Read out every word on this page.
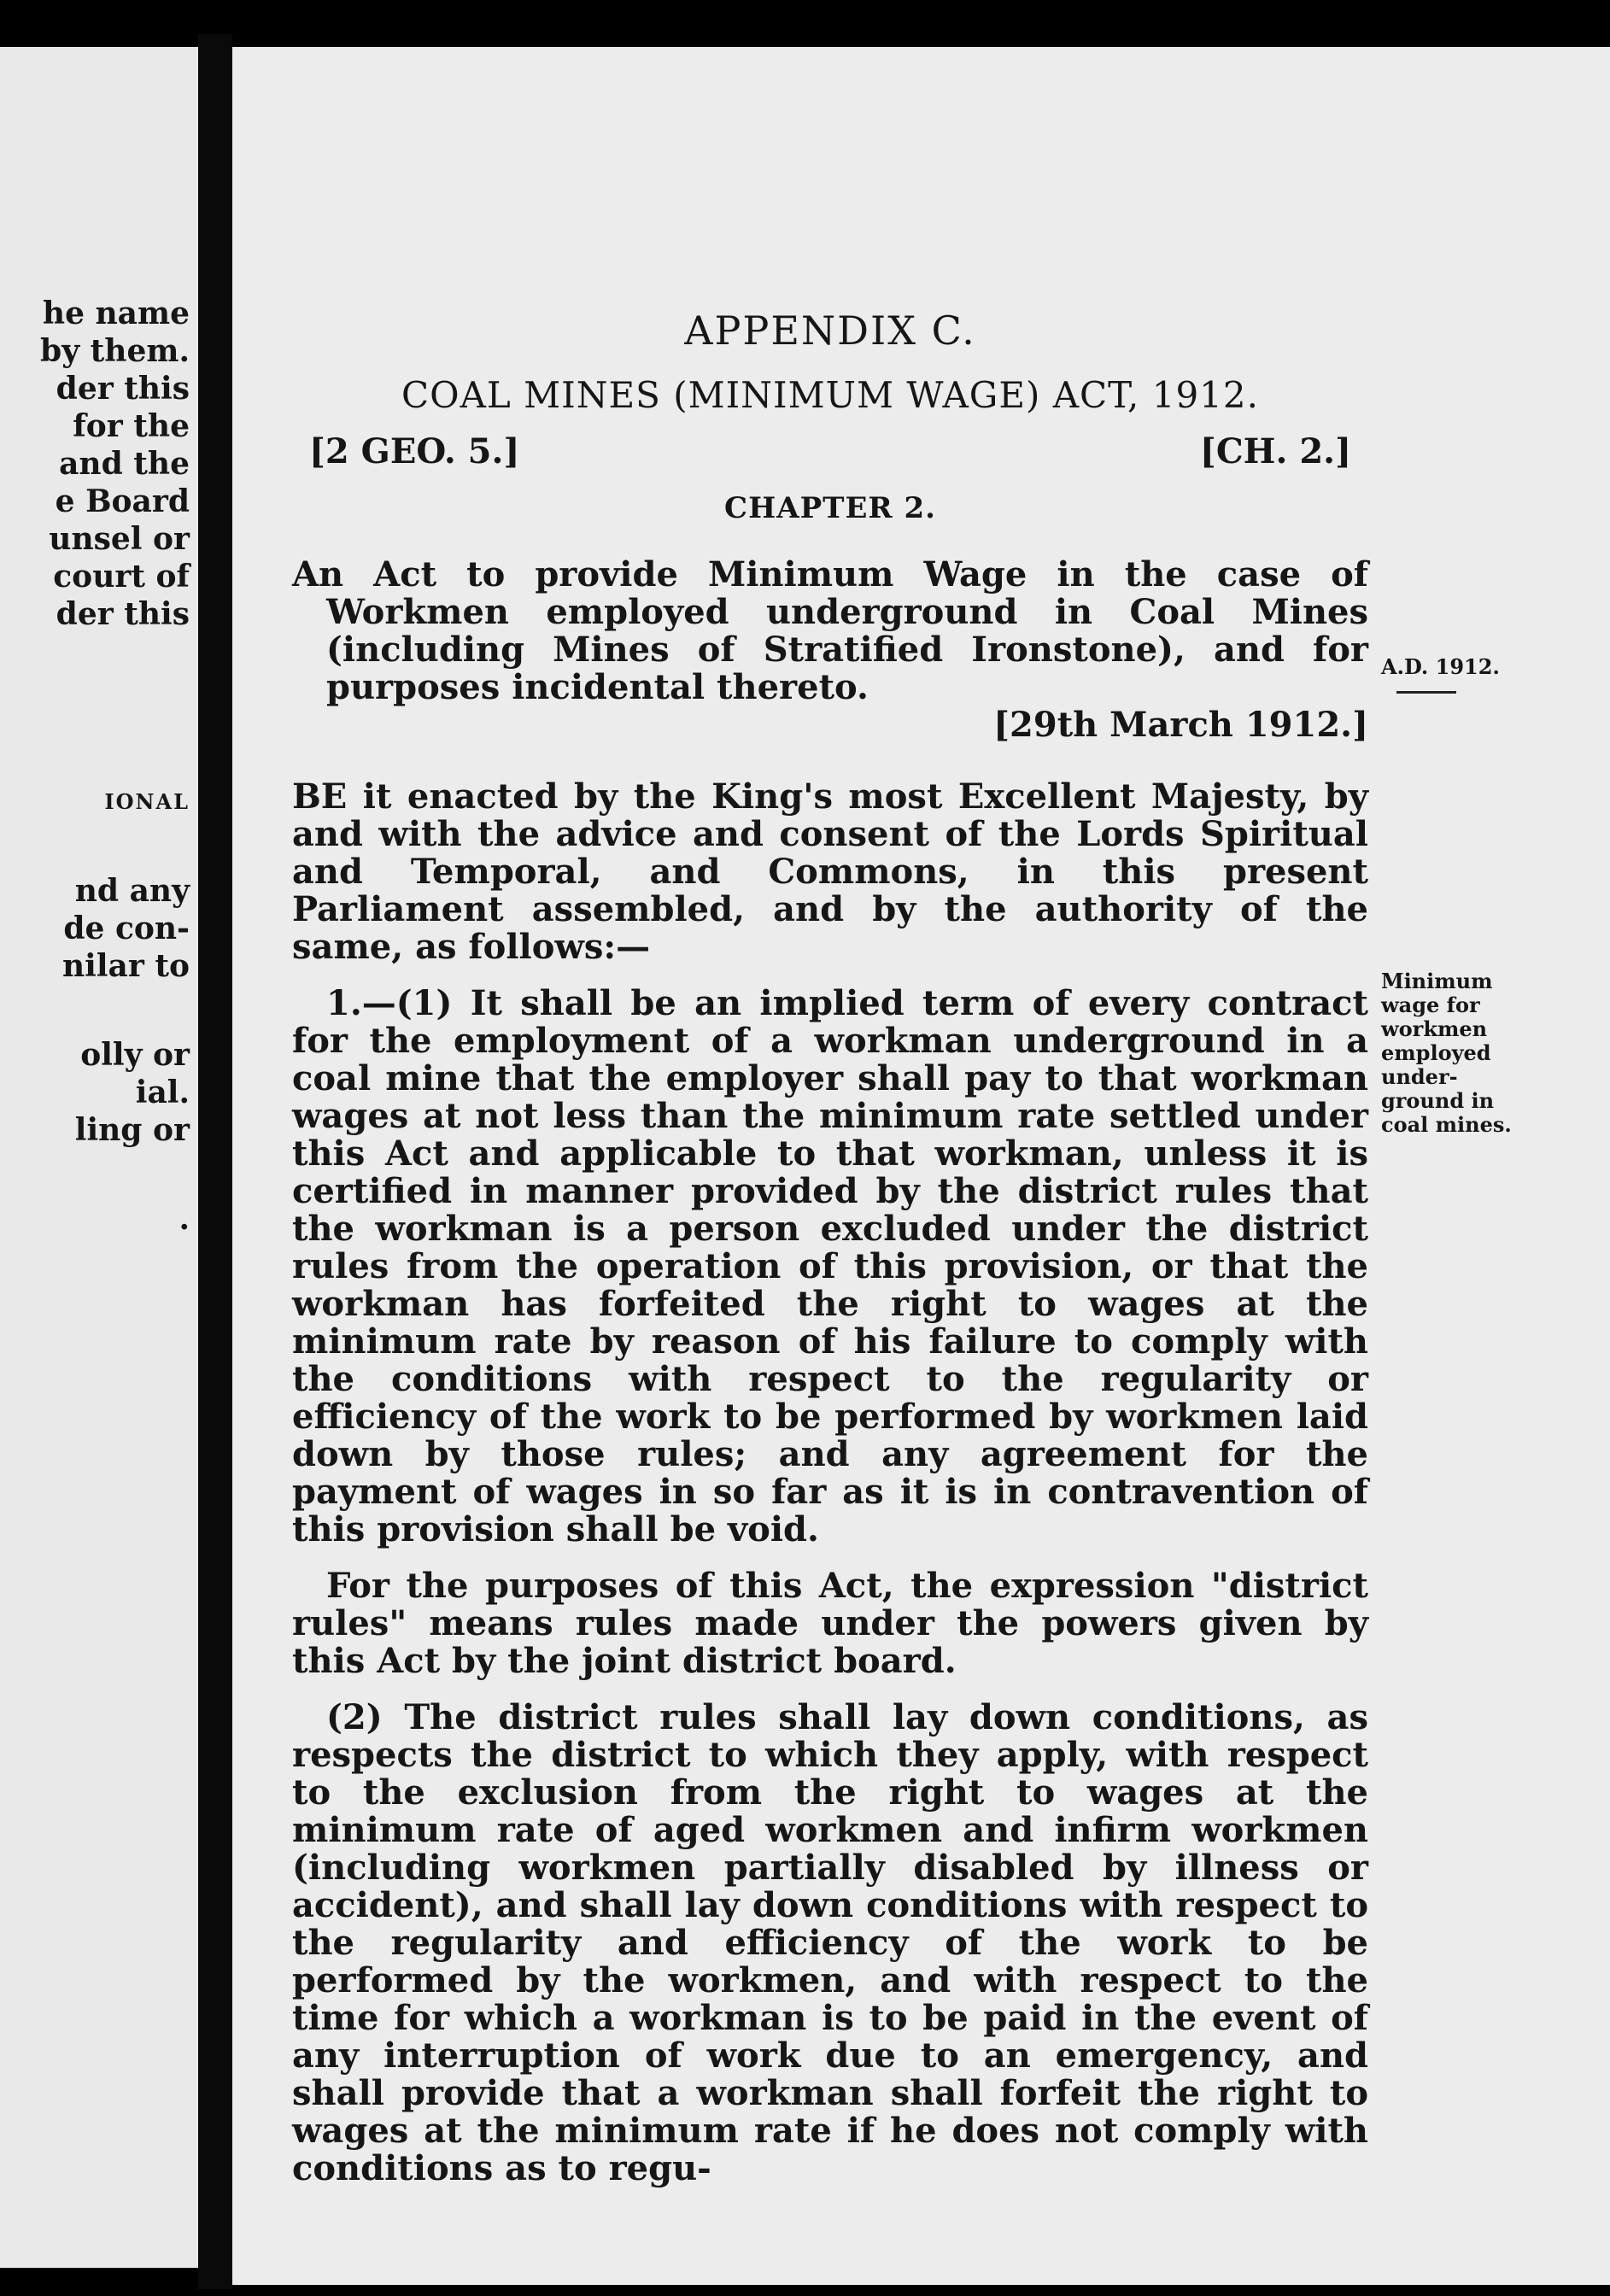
he name
by them.
der this
for the
and the
e Board
unsel or
court of
der this
IONAL
nd any
de con-
nilar to
olly or
ial.
ling or
.
APPENDIX C.
COAL MINES (MINIMUM WAGE) ACT, 1912.
[2 GEO. 5.]	[CH. 2.]
CHAPTER 2.

An Act to provide Minimum Wage in the case of Workmen employed underground in Coal Mines (including Mines of Stratified Ironstone), and for purposes incidental thereto.
[29th March 1912.]

BE it enacted by the King's most Excellent Majesty, by and with the advice and consent of the Lords Spiritual and Temporal, and Commons, in this present Parliament assembled, and by the authority of the same, as follows:—

1.—(1) It shall be an implied term of every contract for the employment of a workman underground in a coal mine that the employer shall pay to that workman wages at not less than the minimum rate settled under this Act and applicable to that workman, unless it is certified in manner provided by the district rules that the workman is a person excluded under the district rules from the operation of this provision, or that the workman has forfeited the right to wages at the minimum rate by reason of his failure to comply with the conditions with respect to the regularity or efficiency of the work to be performed by workmen laid down by those rules; and any agreement for the payment of wages in so far as it is in contravention of this provision shall be void.

For the purposes of this Act, the expression "district rules" means rules made under the powers given by this Act by the joint district board.

(2) The district rules shall lay down conditions, as respects the district to which they apply, with respect to the exclusion from the right to wages at the minimum rate of aged workmen and infirm workmen (including workmen partially disabled by illness or accident), and shall lay down conditions with respect to the regularity and efficiency of the work to be performed by the workmen, and with respect to the time for which a workman is to be paid in the event of any interruption of work due to an emergency, and shall provide that a workman shall forfeit the right to wages at the minimum rate if he does not comply with conditions as to regu-

A.D. 1912.
Minimum
wage for
workmen
employed
under-
ground in
coal mines.
